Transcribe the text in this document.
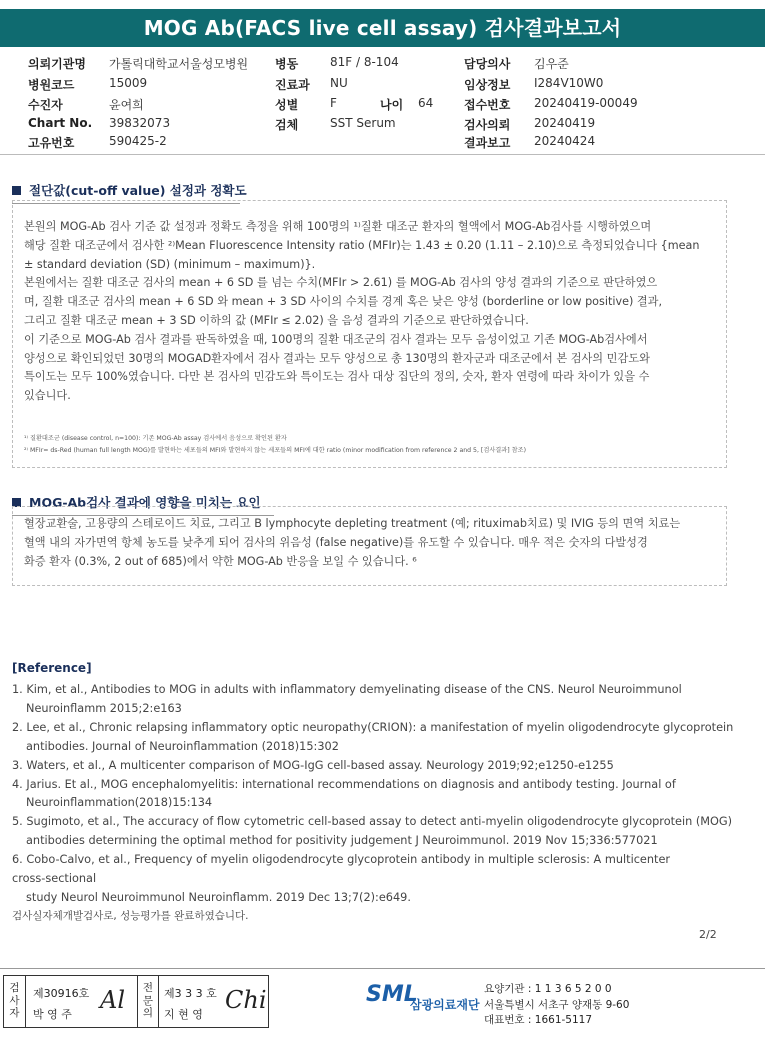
MOG Ab(FACS live cell assay) 검사결과보고서
의뢰기관명 가톨릭대학교서울성모병원 병동	81F / 8-104	담당의사 김우준
병원코드	15009	진료과 NU	임상정보 I284V10W0
수진자	윤여희	성별	F	나이 64	접수번호 20240419-00049
Chart No. 39832073	검체	SST Serum	검사의뢰 20240419
고유번호	590425-2	결과보고 20240424
절단값(cut-off value) 설정과 정확도
본원의 MOG-Ab 검사 기준 값 설정과 정확도 측정을 위해 100명의 ¹⁾질환 대조군 환자의 혈액에서 MOG-Ab검사를 시행하였으며
해당 질환 대조군에서 검사한 ²⁾Mean Fluorescence Intensity ratio (MFIr)는 1.43 ± 0.20 (1.11 – 2.10)으로 측정되었습니다 {mean
± standard deviation (SD) (minimum – maximum)}.
본원에서는 질환 대조군 검사의 mean + 6 SD 를 넘는 수치(MFIr > 2.61) 를 MOG-Ab 검사의 양성 결과의 기준으로 판단하였으
며, 질환 대조군 검사의 mean + 6 SD 와 mean + 3 SD 사이의 수치를 경계 혹은 낮은 양성 (borderline or low positive) 결과,
그리고 질환 대조군 mean + 3 SD 이하의 값 (MFIr ≤ 2.02) 을 음성 결과의 기준으로 판단하였습니다.
이 기준으로 MOG-Ab 검사 결과를 판독하였을 때, 100명의 질환 대조군의 검사 결과는 모두 음성이었고 기존 MOG-Ab검사에서
양성으로 확인되었던 30명의 MOGAD환자에서 검사 결과는 모두 양성으로 총 130명의 환자군과 대조군에서 본 검사의 민감도와
특이도는 모두 100%였습니다. 다만 본 검사의 민감도와 특이도는 검사 대상 집단의 정의, 숫자, 환자 연령에 따라 차이가 있을 수
있습니다.
¹⁾ 질환대조군 (disease control, n=100): 기존 MOG-Ab assay 검사에서 음성으로 확인된 환자
²⁾ MFIr= ds-Red (human full length MOG)를 발현하는 세포들의 MFI와 발현하지 않는 세포들의 MFI에 대한 ratio (minor modification from reference 2 and 5, [검사결과] 참조)
MOG-Ab검사 결과에 영향을 미치는 요인
혈장교환술, 고용량의 스테로이드 치료, 그리고 B lymphocyte depleting treatment (예; rituximab치료) 및 IVIG 등의 면역 치료는
혈액 내의 자가면역 항체 농도를 낮추게 되어 검사의 위음성 (false negative)를 유도할 수 있습니다. 매우 적은 숫자의 다발성경
화증 환자 (0.3%, 2 out of 685)에서 약한 MOG-Ab 반응을 보일 수 있습니다. ⁶
[Reference]
1. Kim, et al., Antibodies to MOG in adults with inflammatory demyelinating disease of the CNS. Neurol Neuroimmunol
Neuroinflamm 2015;2:e163
2. Lee, et al., Chronic relapsing inflammatory optic neuropathy(CRION): a manifestation of myelin oligodendrocyte glycoprotein
antibodies. Journal of Neuroinflammation (2018)15:302
3. Waters, et al., A multicenter comparison of MOG-IgG cell-based assay. Neurology 2019;92;e1250-e1255
4. Jarius. Et al., MOG encephalomyelitis: international recommendations on diagnosis and antibody testing. Journal of
Neuroinflammation(2018)15:134
5. Sugimoto, et al., The accuracy of flow cytometric cell-based assay to detect anti-myelin oligodendrocyte glycoprotein (MOG)
antibodies determining the optimal method for positivity judgement J Neuroimmunol. 2019 Nov 15;336:577021
6. Cobo-Calvo, et al., Frequency of myelin oligodendrocyte glycoprotein antibody in multiple sclerosis: A multicenter
cross-sectional
study Neurol Neuroimmunol Neuroinflamm. 2019 Dec 13;7(2):e649.
검사실자체개발검사로, 성능평가를 완료하였습니다.
2/2
검사자
제30916호
박 영 주
Al 전문의
제3 3 3 호
지 현 영
Chi	SML
삼광의료재단
요양기관 : 1 1 3 6 5 2 0 0
서울특별시 서초구 양재동 9-60
대표번호 : 1661-5117
